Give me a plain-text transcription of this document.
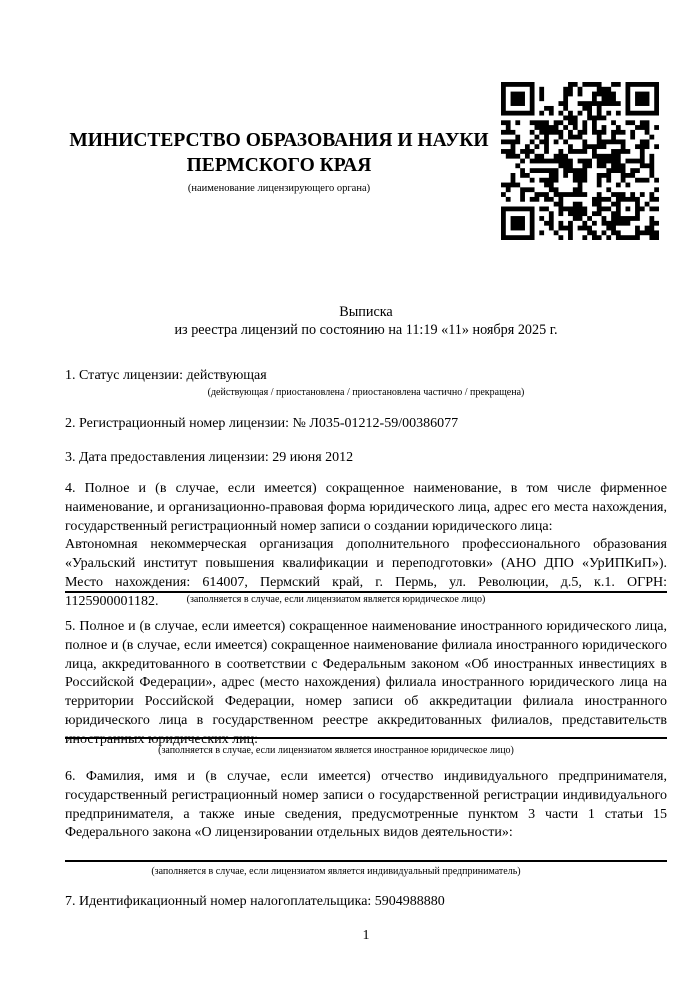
МИНИСТЕРСТВО ОБРАЗОВАНИЯ И НАУКИ
ПЕРМСКОГО КРАЯ
(наименование лицензирующего органа)
Выписка
из реестра лицензий по состоянию на 11:19 «11» ноября 2025 г.
1. Статус лицензии: действующая
(действующая / приостановлена / приостановлена частично / прекращена)
2. Регистрационный номер лицензии: № Л035-01212-59/00386077
3. Дата предоставления лицензии: 29 июня 2012

4. Полное и (в случае, если имеется) сокращенное наименование, в том числе фирменное наименование, и организационно-правовая форма юридического лица, адрес его места нахождения, государственный регистрационный номер записи о создании юридического лица:

Автономная некоммерческая организация дополнительного профессионального образования «Уральский институт повышения квалификации и переподготовки» (АНО ДПО «УрИПКиП»). Место нахождения: 614007, Пермский край, г. Пермь, ул. Революции, д.5, к.1. ОГРН: 1125900001182.	(заполняется в случае, если лицензиатом является юридическое лицо)

5. Полное и (в случае, если имеется) сокращенное наименование иностранного юридического лица, полное и (в случае, если имеется) сокращенное наименование филиала иностранного юридического лица, аккредитованного в соответствии с Федеральным законом «Об иностранных инвестициях в Российской Федерации», адрес (место нахождения) филиала иностранного юридического лица на территории Российской Федерации, номер записи об аккредитации филиала иностранного юридического лица в государственном реестре аккредитованных филиалов, представительств иностранных юридических лиц:

(заполняется в случае, если лицензиатом является иностранное юридическое лицо)

6. Фамилия, имя и (в случае, если имеется) отчество индивидуального предпринимателя, государственный регистрационный номер записи о государственной регистрации индивидуального предпринимателя, а также иные сведения, предусмотренные пунктом 3 части 1 статьи 15 Федерального закона «О лицензировании отдельных видов деятельности»:

(заполняется в случае, если лицензиатом является индивидуальный предприниматель)
7. Идентификационный номер налогоплательщика: 5904988880
1
